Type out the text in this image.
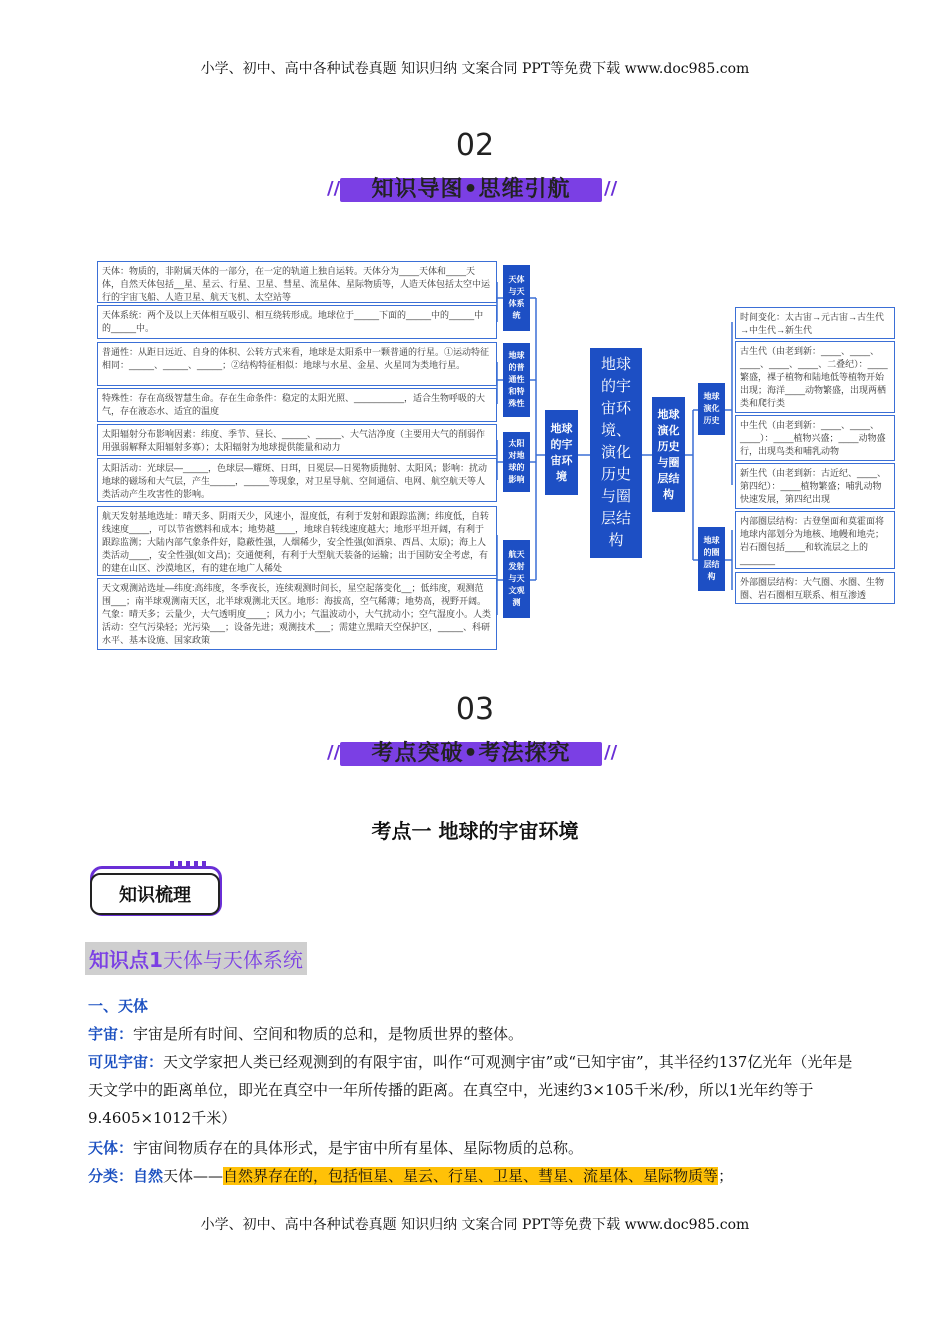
小学、初中、高中各种试卷真题 知识归纳 文案合同 PPT等免费下载 www.doc985.com
02
知识导图•思维引航
//	//
地球的宇宙环境、演化历史与圈层结构
地球的宇宙环境
地球演化历史与圈层结构
天体与天体系统
地球的普通性和特殊性
太阳对地球的影响
航天发射与天文观测
地球演化历史
地球的圈层结构
天体：物质的，非附属天体的一部分，在一定的轨道上独自运转。天体分为____天体和____天体，自然天体包括__星、星云、行星、卫星、彗星、流星体、星际物质等，人造天体包括太空中运行的宇宙飞船、人造卫星、航天飞机、太空站等
天体系统：两个及以上天体相互吸引、相互绕转形成。地球位于_____下面的_____中的_____中的_____中。
普通性：从距日远近、自身的体积、公转方式来看，地球是太阳系中一颗普通的行星。①运动特征相同：_____、_____、_____；②结构特征相似：地球与水星、金星、火星同为类地行星。
特殊性：存在高级智慧生命。存在生命条件：稳定的太阳光照、__________，适合生物呼吸的大气，存在液态水、适宜的温度
太阳辐射分布影响因素：纬度、季节、昼长、_____、_____、大气洁净度（主要用大气的削弱作用强弱解释太阳辐射多寡）；太阳辐射为地球提供能量和动力
太阳活动：光球层—_____，色球层—耀斑、日珥，日冕层—日冕物质抛射、太阳风；影响：扰动地球的磁场和大气层，产生_____，_____等现象，对卫星导航、空间通信、电网、航空航天等人类活动产生攻害性的影响。
航天发射基地选址：晴天多、阴雨天少，风速小，湿度低，有利于发射和跟踪监测；纬度低，自转线速度____，可以节省燃料和成本；地势越____，地球自转线速度越大；地形平坦开阔，有利于跟踪监测；大陆内部气象条件好，隐蔽性强，人烟稀少，安全性强(如酒泉、西昌、太原)；海上人类活动____，安全性强(如文昌)；交通便利，有利于大型航天装备的运输；出于国防安全考虑，有的建在山区、沙漠地区，有的建在地广人稀处
天文观测站选址—纬度:高纬度，冬季夜长，连续观测时间长，星空起落变化__；低纬度，观测范围___；南半球观测南天区，北半球观测北天区。地形：海拔高，空气稀薄；地势高，视野开阔。气象：晴天多；云量少，大气透明度____；风力小；气温波动小，大气扰动小；空气湿度小。人类活动：空气污染轻；光污染___；设备先进；观测技术___；需建立黑暗天空保护区，_____、科研水平、基本设施、国家政策
时间变化：太古宙→元古宙→古生代→中生代→新生代
古生代（由老到新：____、____、____、____、____、二叠纪）：____繁盛，裸子植物和陆地低等植物开始出现；海洋____动物繁盛，出现两栖类和爬行类
中生代（由老到新：____、____、____）：____植物兴盛；____动物盛行，出现鸟类和哺乳动物
新生代（由老到新：古近纪、____、第四纪）：____植物繁盛；哺乳动物快速发展，第四纪出现
内部圈层结构：古登堡面和莫霍面将地球内部划分为地核、地幔和地壳；岩石圈包括____和软流层之上的_______
外部圈层结构：大气圈、水圈、生物圈、岩石圈相互联系、相互渗透
03
考点突破•考法探究
//	//
考点一 地球的宇宙环境
知识梳理
知识点1天体与天体系统
一、天体
宇宙：宇宙是所有时间、空间和物质的总和，是物质世界的整体。
可见宇宙：天文学家把人类已经观测到的有限宇宙，叫作“可观测宇宙”或“已知宇宙”，其半径约137亿光年（光年是天文学中的距离单位，即光在真空中一年所传播的距离。在真空中，光速约3×105千米/秒，所以1光年约等于9.4605×1012千米）
天体：宇宙间物质存在的具体形式，是宇宙中所有星体、星际物质的总称。
分类：自然天体——自然界存在的，包括恒星、星云、行星、卫星、彗星、流星体、星际物质等；
小学、初中、高中各种试卷真题 知识归纳 文案合同 PPT等免费下载 www.doc985.com
